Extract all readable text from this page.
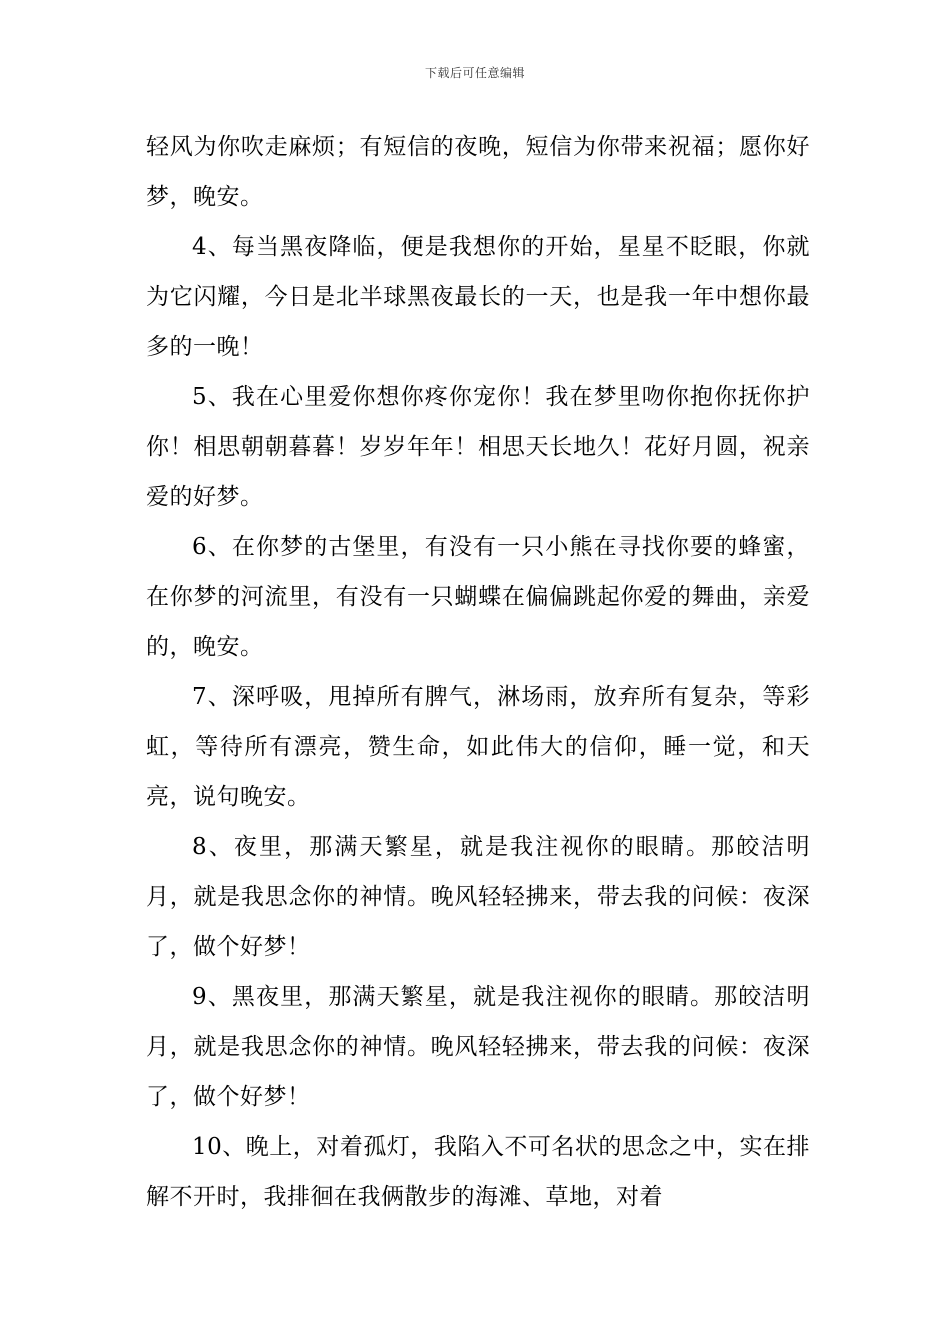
下载后可任意编辑

轻风为你吹走麻烦；有短信的夜晚，短信为你带来祝福；愿你好梦，晚安。

4、每当黑夜降临，便是我想你的开始，星星不眨眼，你就为它闪耀，今日是北半球黑夜最长的一天，也是我一年中想你最多的一晚！

5、我在心里爱你想你疼你宠你！我在梦里吻你抱你抚你护你！相思朝朝暮暮！岁岁年年！相思天长地久！花好月圆，祝亲爱的好梦。

6、在你梦的古堡里，有没有一只小熊在寻找你要的蜂蜜，在你梦的河流里，有没有一只蝴蝶在偏偏跳起你爱的舞曲，亲爱的，晚安。

7、深呼吸，甩掉所有脾气，淋场雨，放弃所有复杂，等彩虹，等待所有漂亮，赞生命，如此伟大的信仰，睡一觉，和天亮，说句晚安。

8、夜里，那满天繁星，就是我注视你的眼睛。那皎洁明月，就是我思念你的神情。晚风轻轻拂来，带去我的问候：夜深了，做个好梦！

9、黑夜里，那满天繁星，就是我注视你的眼睛。那皎洁明月，就是我思念你的神情。晚风轻轻拂来，带去我的问候：夜深了，做个好梦！

10、晚上，对着孤灯，我陷入不可名状的思念之中，实在排解不开时，我排徊在我俩散步的海滩、草地，对着
